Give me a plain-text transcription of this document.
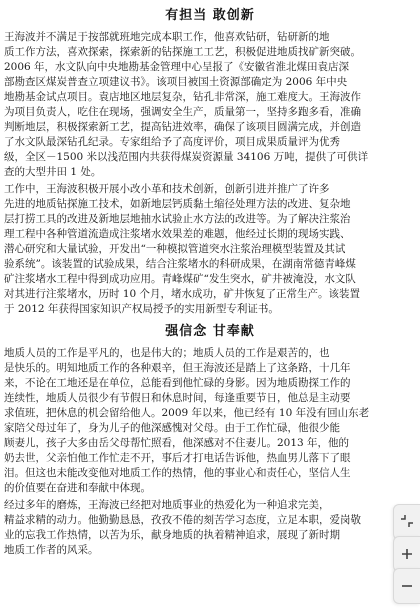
有担当 敢创新
王海波并不满足于按部就班地完成本职工作，他喜欢钻研，钻研新的地
质工作方法，喜欢探索，探索新的钻探施工工艺，积极促进地质找矿新突破。
2006 年，水文队向中央地勘基金管理中心呈报了《安徽省淮北煤田袁店深
部勘查区煤炭普查立项建议书》。该项目被国土资源部确定为 2006 年中央
地勘基金试点项目。袁店地区地层复杂，钻孔非常深，施工难度大。王海波作
为项目负责人，吃住在现场，强调安全生产，质量第一，坚持多跑多看，准确
判断地层，积极探索新工艺，提高钻进效率，确保了该项目圆满完成，并创造
了水文队最深钻孔纪录。专家组给予了高度评价，项目成果质量评为优秀
级，全区－1500 米以浅范围内共获得煤炭资源量 34106 万吨，提供了可供详
查的大型井田 1 处。
工作中，王海波积极开展小改小革和技术创新，创新引进并推广了许多
先进的地质钻探施工技术，如新地层钙质黏土缩径处理方法的改进、复杂地
层打捞工具的改进及新地层地抽水试验止水方法的改进等。为了解决注浆治
理工程中各种管道流造成注浆堵水效果差的难题，他经过长期的现场实践、
潜心研究和大量试验，开发出“一种模拟管道突水注浆治理模型装置及其试
验系统”。该装置的试验成果，结合注浆堵水的科研成果，在湖南常德青峰煤
矿注浆堵水工程中得到成功应用。青峰煤矿“发生突水，矿井被淹没，水文队
对其进行注浆堵水，历时 10 个月，堵水成功，矿井恢复了正常生产。该装置
于 2012 年获得国家知识产权局授予的实用新型专利证书。
强信念 甘奉献
地质人员的工作是平凡的，也是伟大的；地质人员的工作是艰苦的，也
是快乐的。明知地质工作的各种艰辛，但王海波还是踏上了这条路，十几年
来，不论在工地还是在单位，总能看到他忙碌的身影。因为地质勘探工作的
连续性，地质人员很少有节假日和休息时间，每逢重要节日，他总是主动要
求值班，把休息的机会留给他人。2009 年以来，他已经有 10 年没有回山东老
家陪父母过年了，身为儿子的他深感愧对父母。由于工作忙碌，他很少能
顾妻儿，孩子大多由岳父母帮忙照看，他深感对不住妻儿。2013 年，他的
奶去世，父亲怕他工作忙走不开，事后才打电话告诉他，热血男儿落下了眼
泪。但这也未能改变他对地质工作的热情，他的事业心和责任心，坚信人生
的价值要在奋进和奉献中体现。
经过多年的磨炼，王海波已经把对地质事业的热爱化为一种追求完美，
精益求精的动力。他勤勤恳恳，孜孜不倦的刻苦学习态度，立足本职，爱岗敬
业的忘我工作热情，以苦为乐，献身地质的执着精神追求，展现了新时期
地质工作者的风采。
